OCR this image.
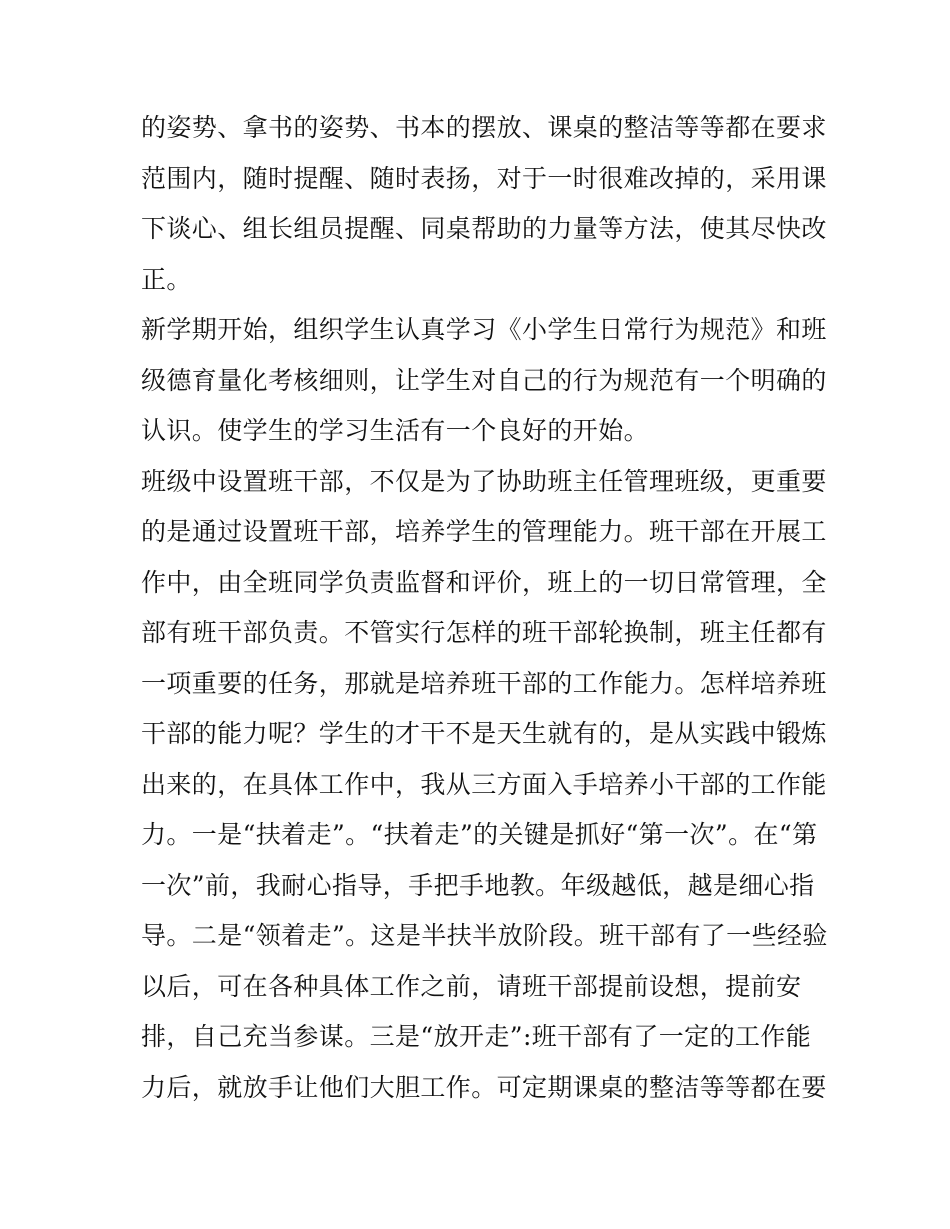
的姿势、拿书的姿势、书本的摆放、课桌的整洁等等都在要求
范围内，随时提醒、随时表扬，对于一时很难改掉的，采用课
下谈心、组长组员提醒、同桌帮助的力量等方法，使其尽快改
正。
新学期开始，组织学生认真学习《小学生日常行为规范》和班
级德育量化考核细则，让学生对自己的行为规范有一个明确的
认识。使学生的学习生活有一个良好的开始。
班级中设置班干部，不仅是为了协助班主任管理班级，更重要
的是通过设置班干部，培养学生的管理能力。班干部在开展工
作中，由全班同学负责监督和评价，班上的一切日常管理，全
部有班干部负责。不管实行怎样的班干部轮换制，班主任都有
一项重要的任务，那就是培养班干部的工作能力。怎样培养班
干部的能力呢？学生的才干不是天生就有的，是从实践中锻炼
出来的，在具体工作中，我从三方面入手培养小干部的工作能
力。一是“扶着走”。“扶着走”的关键是抓好“第一次”。在“第
一次”前，我耐心指导，手把手地教。年级越低，越是细心指
导。二是“领着走”。这是半扶半放阶段。班干部有了一些经验
以后，可在各种具体工作之前，请班干部提前设想，提前安
排，自己充当参谋。三是“放开走”:班干部有了一定的工作能
力后，就放手让他们大胆工作。可定期课桌的整洁等等都在要
